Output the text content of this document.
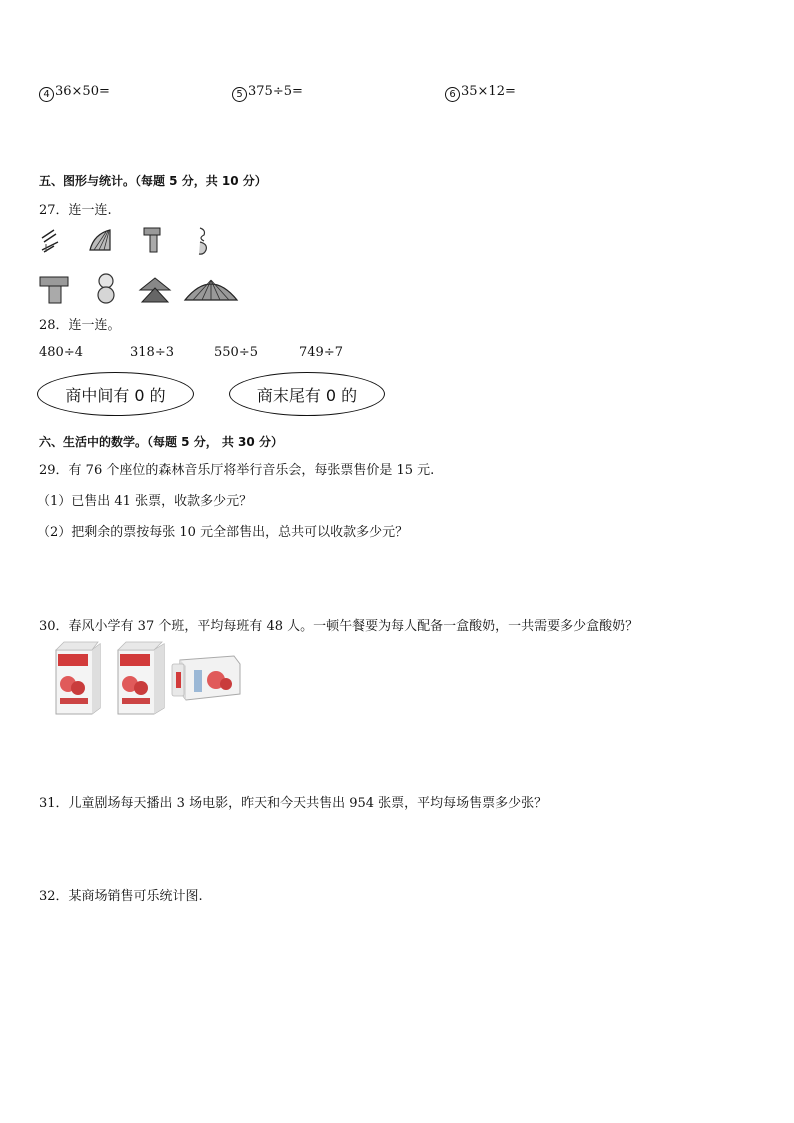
4 36×50=	5 375÷5=	6 35×12=
五、图形与统计。（每题 5 分，共 10 分）
27．连一连.
28．连一连。
480÷4	318÷3	550÷5	749÷7
商中间有 0 的	商末尾有 0 的
六、生活中的数学。（每题 5 分， 共 30 分）
29．有 76 个座位的森林音乐厅将举行音乐会，每张票售价是 15 元.
（1）已售出 41 张票，收款多少元？
（2）把剩余的票按每张 10 元全部售出，总共可以收款多少元？
30．春风小学有 37 个班，平均每班有 48 人。一顿午餐要为每人配备一盒酸奶，一共需要多少盒酸奶？
31．儿童剧场每天播出 3 场电影，昨天和今天共售出 954 张票，平均每场售票多少张？
32．某商场销售可乐统计图.
